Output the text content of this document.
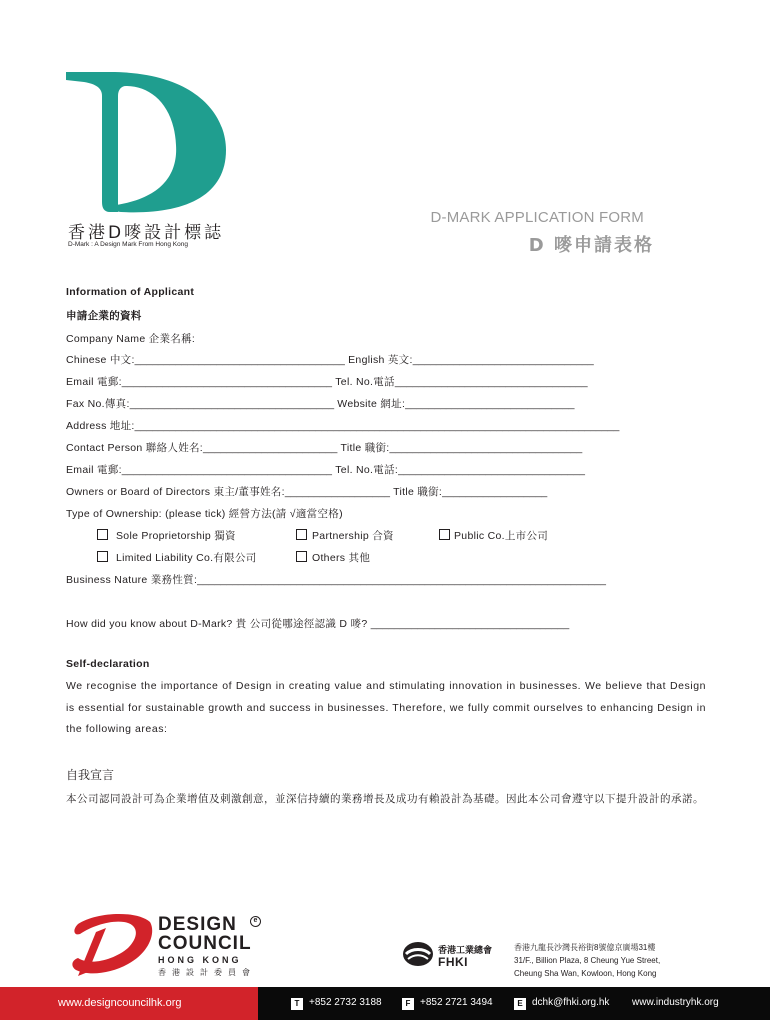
香港D嘜設計標誌
D-Mark : A Design Mark From Hong Kong
D-MARK APPLICATION FORM
D 嘜申請表格
Information of Applicant
申請企業的資料
Company Name 企業名稱:
Chinese 中文:____________________________________ English 英文:_______________________________
Email 電郵:____________________________________ Tel. No.電話_________________________________
Fax No.傳真:___________________________________ Website 網址:_____________________________
Address 地址:___________________________________________________________________________________
Contact Person 聯絡人姓名:_______________________ Title 職銜:_________________________________
Email 電郵:____________________________________ Tel. No.電話:________________________________
Owners or Board of Directors 東主/董事姓名:__________________ Title 職銜:__________________
Type of Ownership: (please tick) 經營方法(請 √適當空格)
Sole Proprietorship 獨資	Partnership 合資	Public Co.上市公司
Limited Liability Co.有限公司	Others 其他
Business Nature 業務性質:______________________________________________________________________
How did you know about D-Mark? 貴 公司從哪途徑認識 D 嘜? __________________________________
Self-declaration
We recognise the importance of Design in creating value and stimulating innovation in businesses. We believe that Design is essential for sustainable growth and success in businesses. Therefore, we fully commit ourselves to enhancing Design in the following areas:
自我宣言
本公司認同設計可為企業增值及刺激創意，並深信持續的業務增長及成功有賴設計為基礎。因此本公司會遵守以下提升設計的承諾。
DESIGN
COUNCIL
HONG KONG
香港設計委員會
e
香港工業總會
FHKI
香港九龍長沙灣長裕街8號億京廣場31樓
31/F., Billion Plaza, 8 Cheung Yue Street,
Cheung Sha Wan, Kowloon, Hong Kong
www.designcouncilhk.org	T +852 2732 3188	F +852 2721 3494	E dchk@fhki.org.hk www.industryhk.org
